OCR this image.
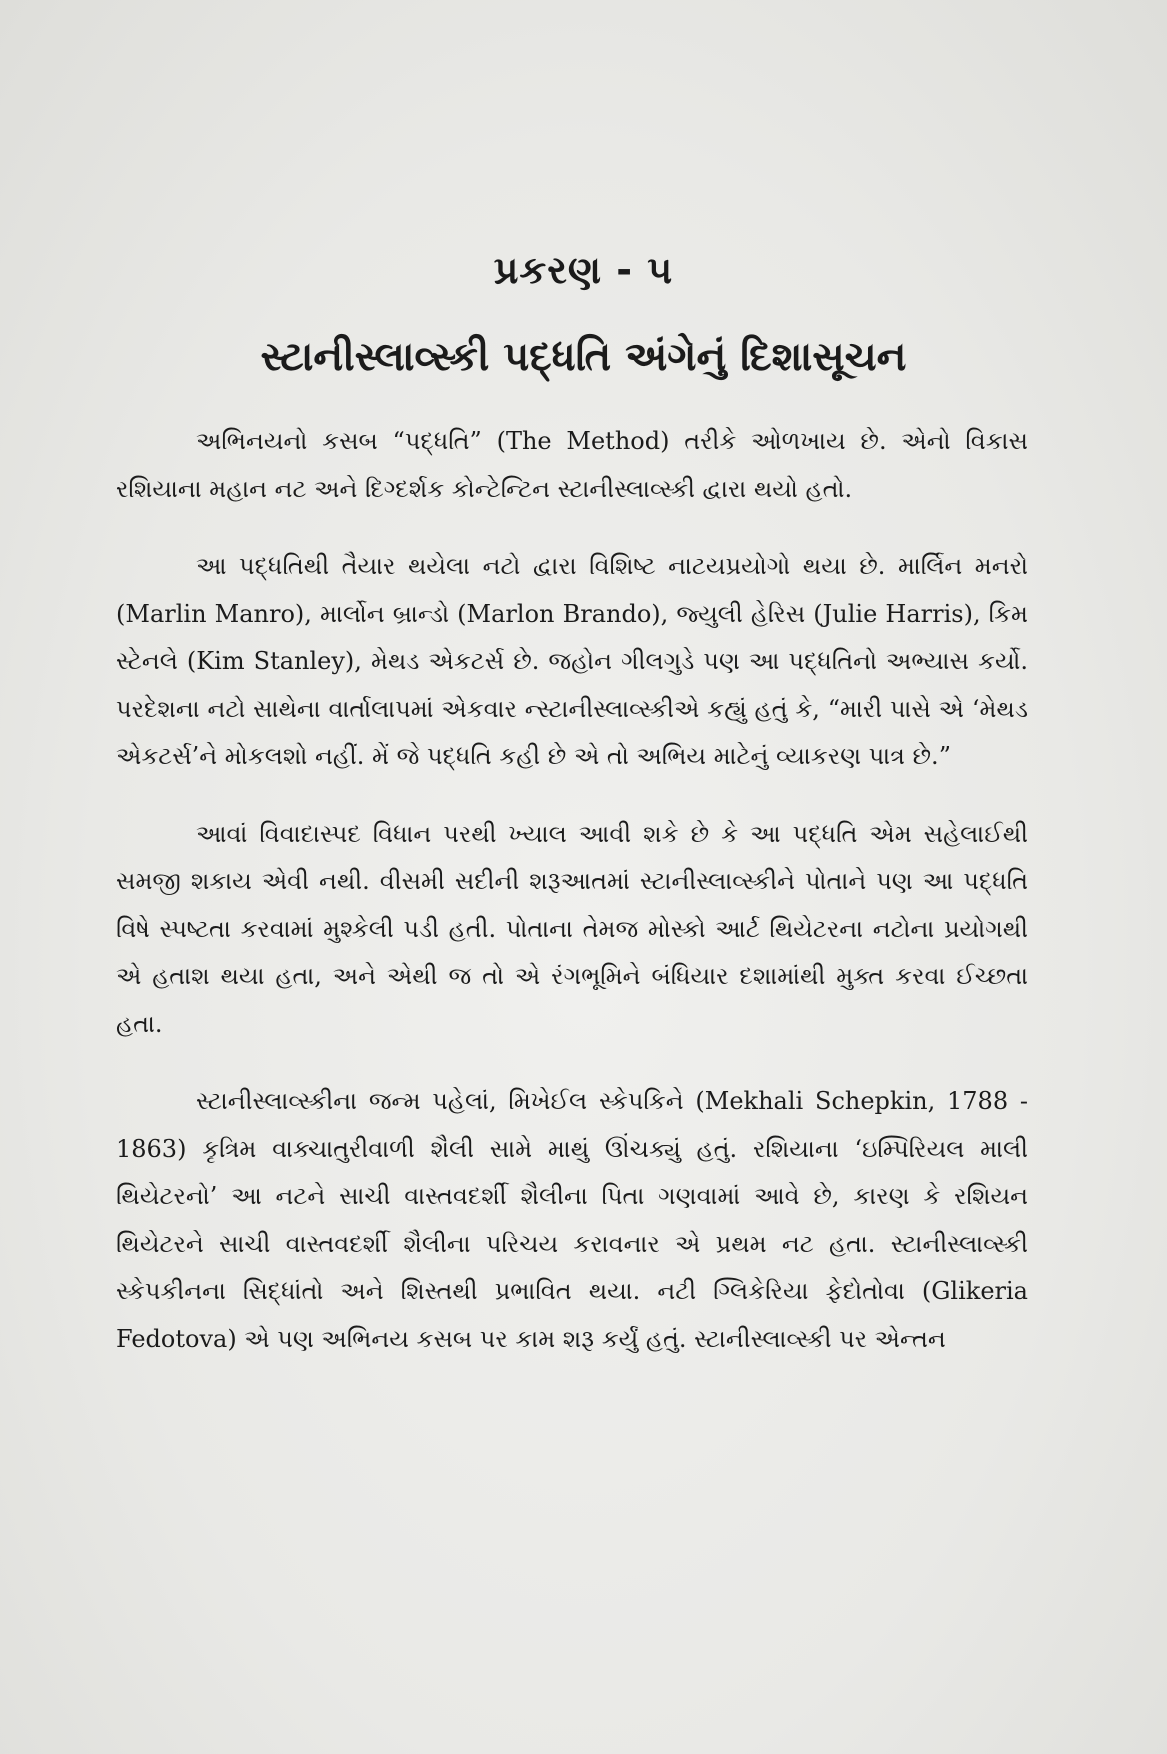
પ્રકરણ - ૫
સ્ટાનીસ્લાવ્સ્કી પદ્ધતિ અંગેનું દિશાસૂચન

અભિનયનો કસબ “પદ્ધતિ” (The Method) તરીકે ઓળખાય છે. એનો વિકાસ રશિયાના મહાન નટ અને દિગ્દર્શક કોન્ટેન્ટિન સ્ટાનીસ્લાવ્સ્કી દ્વારા થયો હતો.

આ પદ્ધતિથી તૈયાર થયેલા નટો દ્વારા વિશિષ્ટ નાટયપ્રયોગો થયા છે. માર્લિન મનરો (Marlin Manro), માર્લોન બ્રાન્ડો (Marlon Brando), જ્યુલી હેરિસ (Julie Harris), કિમ સ્ટેનલે (Kim Stanley), મેથડ એકટર્સ છે. જહોન ગીલગુડે પણ આ પદ્ધતિનો અભ્યાસ કર્યો. પરદેશના નટો સાથેના વાર્તાલાપમાં એકવાર ન્સ્ટાનીસ્લાવ્સ્કીએ કહ્યું હતું કે, “મારી પાસે એ ‘મેથડ એકટર્સ’ને મોકલશો નહીં. મેં જે પદ્ધતિ કહી છે એ તો અભિય માટેનું વ્યાકરણ પાત્ર છે.”

આવાં વિવાદાસ્પદ વિધાન પરથી ખ્યાલ આવી શકે છે કે આ પદ્ધતિ એમ સહેલાઈથી સમજી શકાય એવી નથી. વીસમી સદીની શરૂઆતમાં સ્ટાનીસ્લાવ્સ્કીને પોતાને પણ આ પદ્ધતિ વિષે સ્પષ્ટતા કરવામાં મુશ્કેલી પડી હતી. પોતાના તેમજ મોસ્કો આર્ટ થિયેટરના નટોના પ્રયોગથી એ હતાશ થયા હતા, અને એથી જ તો એ રંગભૂમિને બંધિયાર દશામાંથી મુક્ત કરવા ઈચ્છતા હતા.

સ્ટાનીસ્લાવ્સ્કીના જન્મ પહેલાં, મિખેઈલ સ્કેપકિને (Mekhali Schepkin, 1788 - 1863) કૃત્રિમ વાક્ચાતુરીવાળી શૈલી સામે માથું ઊંચક્યું હતું. રશિયાના ‘ઇમ્પિરિયલ માલી થિયેટરનો’ આ નટને સાચી વાસ્તવદર્શી શૈલીના પિતા ગણવામાં આવે છે, કારણ કે રશિયન થિયેટરને સાચી વાસ્તવદર્શી શૈલીના પરિચય કરાવનાર એ પ્રથમ નટ હતા. સ્ટાનીસ્લાવ્સ્કી સ્કેપકીનના સિદ્ધાંતો અને શિસ્તથી પ્રભાવિત થયા. નટી ગ્લિકેરિયા ફેદોતોવા (Glikeria Fedotova) એ પણ અભિનય કસબ પર કામ શરૂ કર્યું હતું. સ્ટાનીસ્લાવ્સ્કી પર એન્તન
